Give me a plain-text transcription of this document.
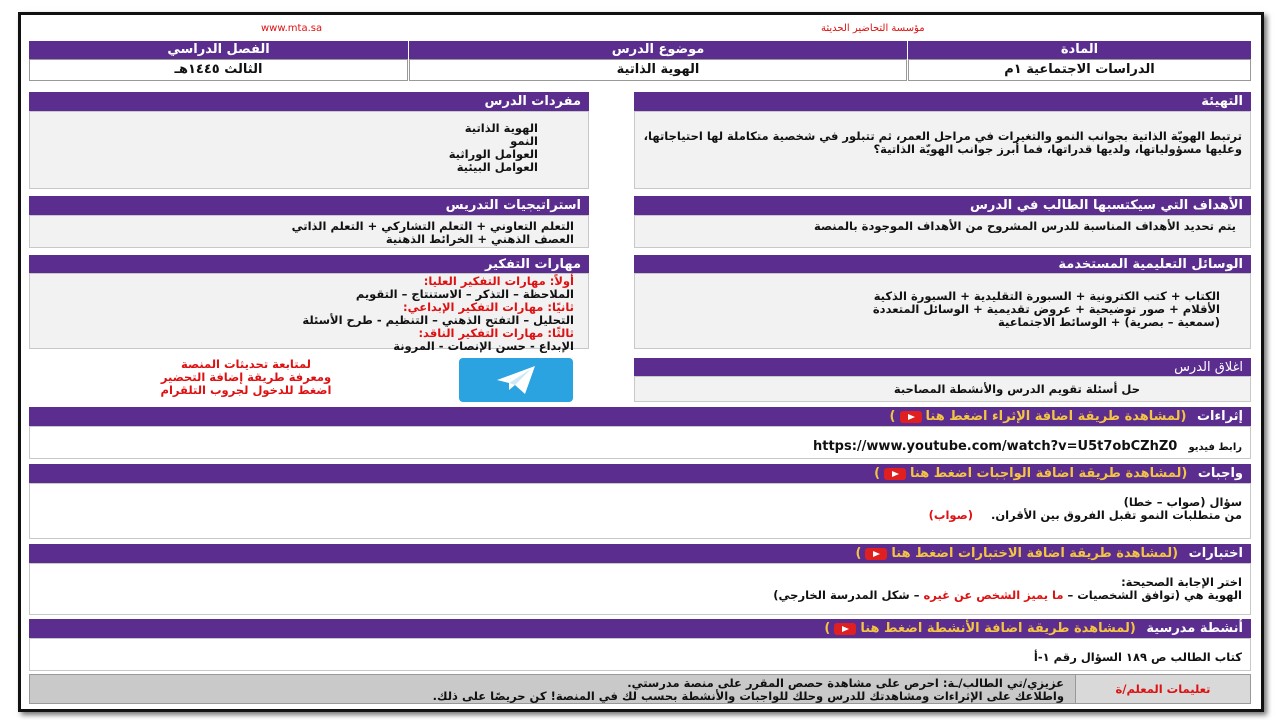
www.mta.sa	مؤسسة التحاضير الحديثة
المادة
الدراسات الاجتماعية ١م
موضوع الدرس
الهوية الذاتية
الفصل الدراسي
الثالث ١٤٤٥هـ
التهيئة
ترتبط الهويّة الذاتية بجوانب النمو والتغيرات في مراحل العمر، ثم تتبلور في شخصية متكاملة لها احتياجاتها، وعليها مسؤولياتها، ولديها قدراتها، فما أبرز جوانب الهويّة الذاتية؟
مفردات الدرس
الهوية الذاتية
النمو
العوامل الوراثية
العوامل البيئية
الأهداف التي سيكتسبها الطالب في الدرس
يتم تحديد الأهداف المناسبة للدرس المشروح من الأهداف الموجودة بالمنصة
استراتيجيات التدريس
التعلم التعاوني + التعلم التشاركي + التعلم الذاتي
العصف الذهني + الخرائط الذهنية
مهارات التفكير
أولاً: مهارات التفكير العليا:
الملاحظة – التذكر – الاستنتاج – التقويم
ثانيًا: مهارات التفكير الإبداعي:
التحليل – التفتح الذهني – التنظيم - طرح الأسئلة
ثالثًا: مهارات التفكير الناقد:
الإبداع - حسن الإنصات - المرونة
الوسائل التعليمية المستخدمة
الكتاب + كتب الكترونية + السبورة التقليدية + السبورة الذكية
الأقلام + صور توضيحية + عروض تقديمية + الوسائل المتعددة
(سمعية – بصرية) + الوسائط الاجتماعية
لمتابعة تحديثات المنصة
ومعرفة طريقة إضافة التحضير
اضغط للدخول لجروب التلقرام
اغلاق الدرس
حل أسئلة تقويم الدرس والأنشطة المصاحبة
إثراءات (لمشاهدة طريقة اضافة الإثراء اضغط هنا)
رابط فيديو https://www.youtube.com/watch?v=U5t7obCZhZ0
واجبات (لمشاهدة طريقة اضافة الواجبات اضغط هنا)
سؤال (صواب – خطا)
من متطلبات النمو تقبل الفروق بين الأقران. (صواب)
اختبارات (لمشاهدة طريقة اضافة الاختبارات اضغط هنا)
اختر الإجابة الصحيحة:
الهوية هي (توافق الشخصيات – ما يميز الشخص عن غيره – شكل المدرسة الخارجي)
أنشطة مدرسية (لمشاهدة طريقة اضافة الأنشطة اضغط هنا)
كتاب الطالب ص ١٨٩ السؤال رقم ١-أ
تعليمات المعلم/ة
عزيزي/تي الطالب/ـة: احرص على مشاهدة حصص المقرر على منصة مدرستي.
واطلاعك على الإثراءات ومشاهدتك للدرس وحلك للواجبات والأنشطة بحسب لك في المنصة! كن حريصًا على ذلك.
